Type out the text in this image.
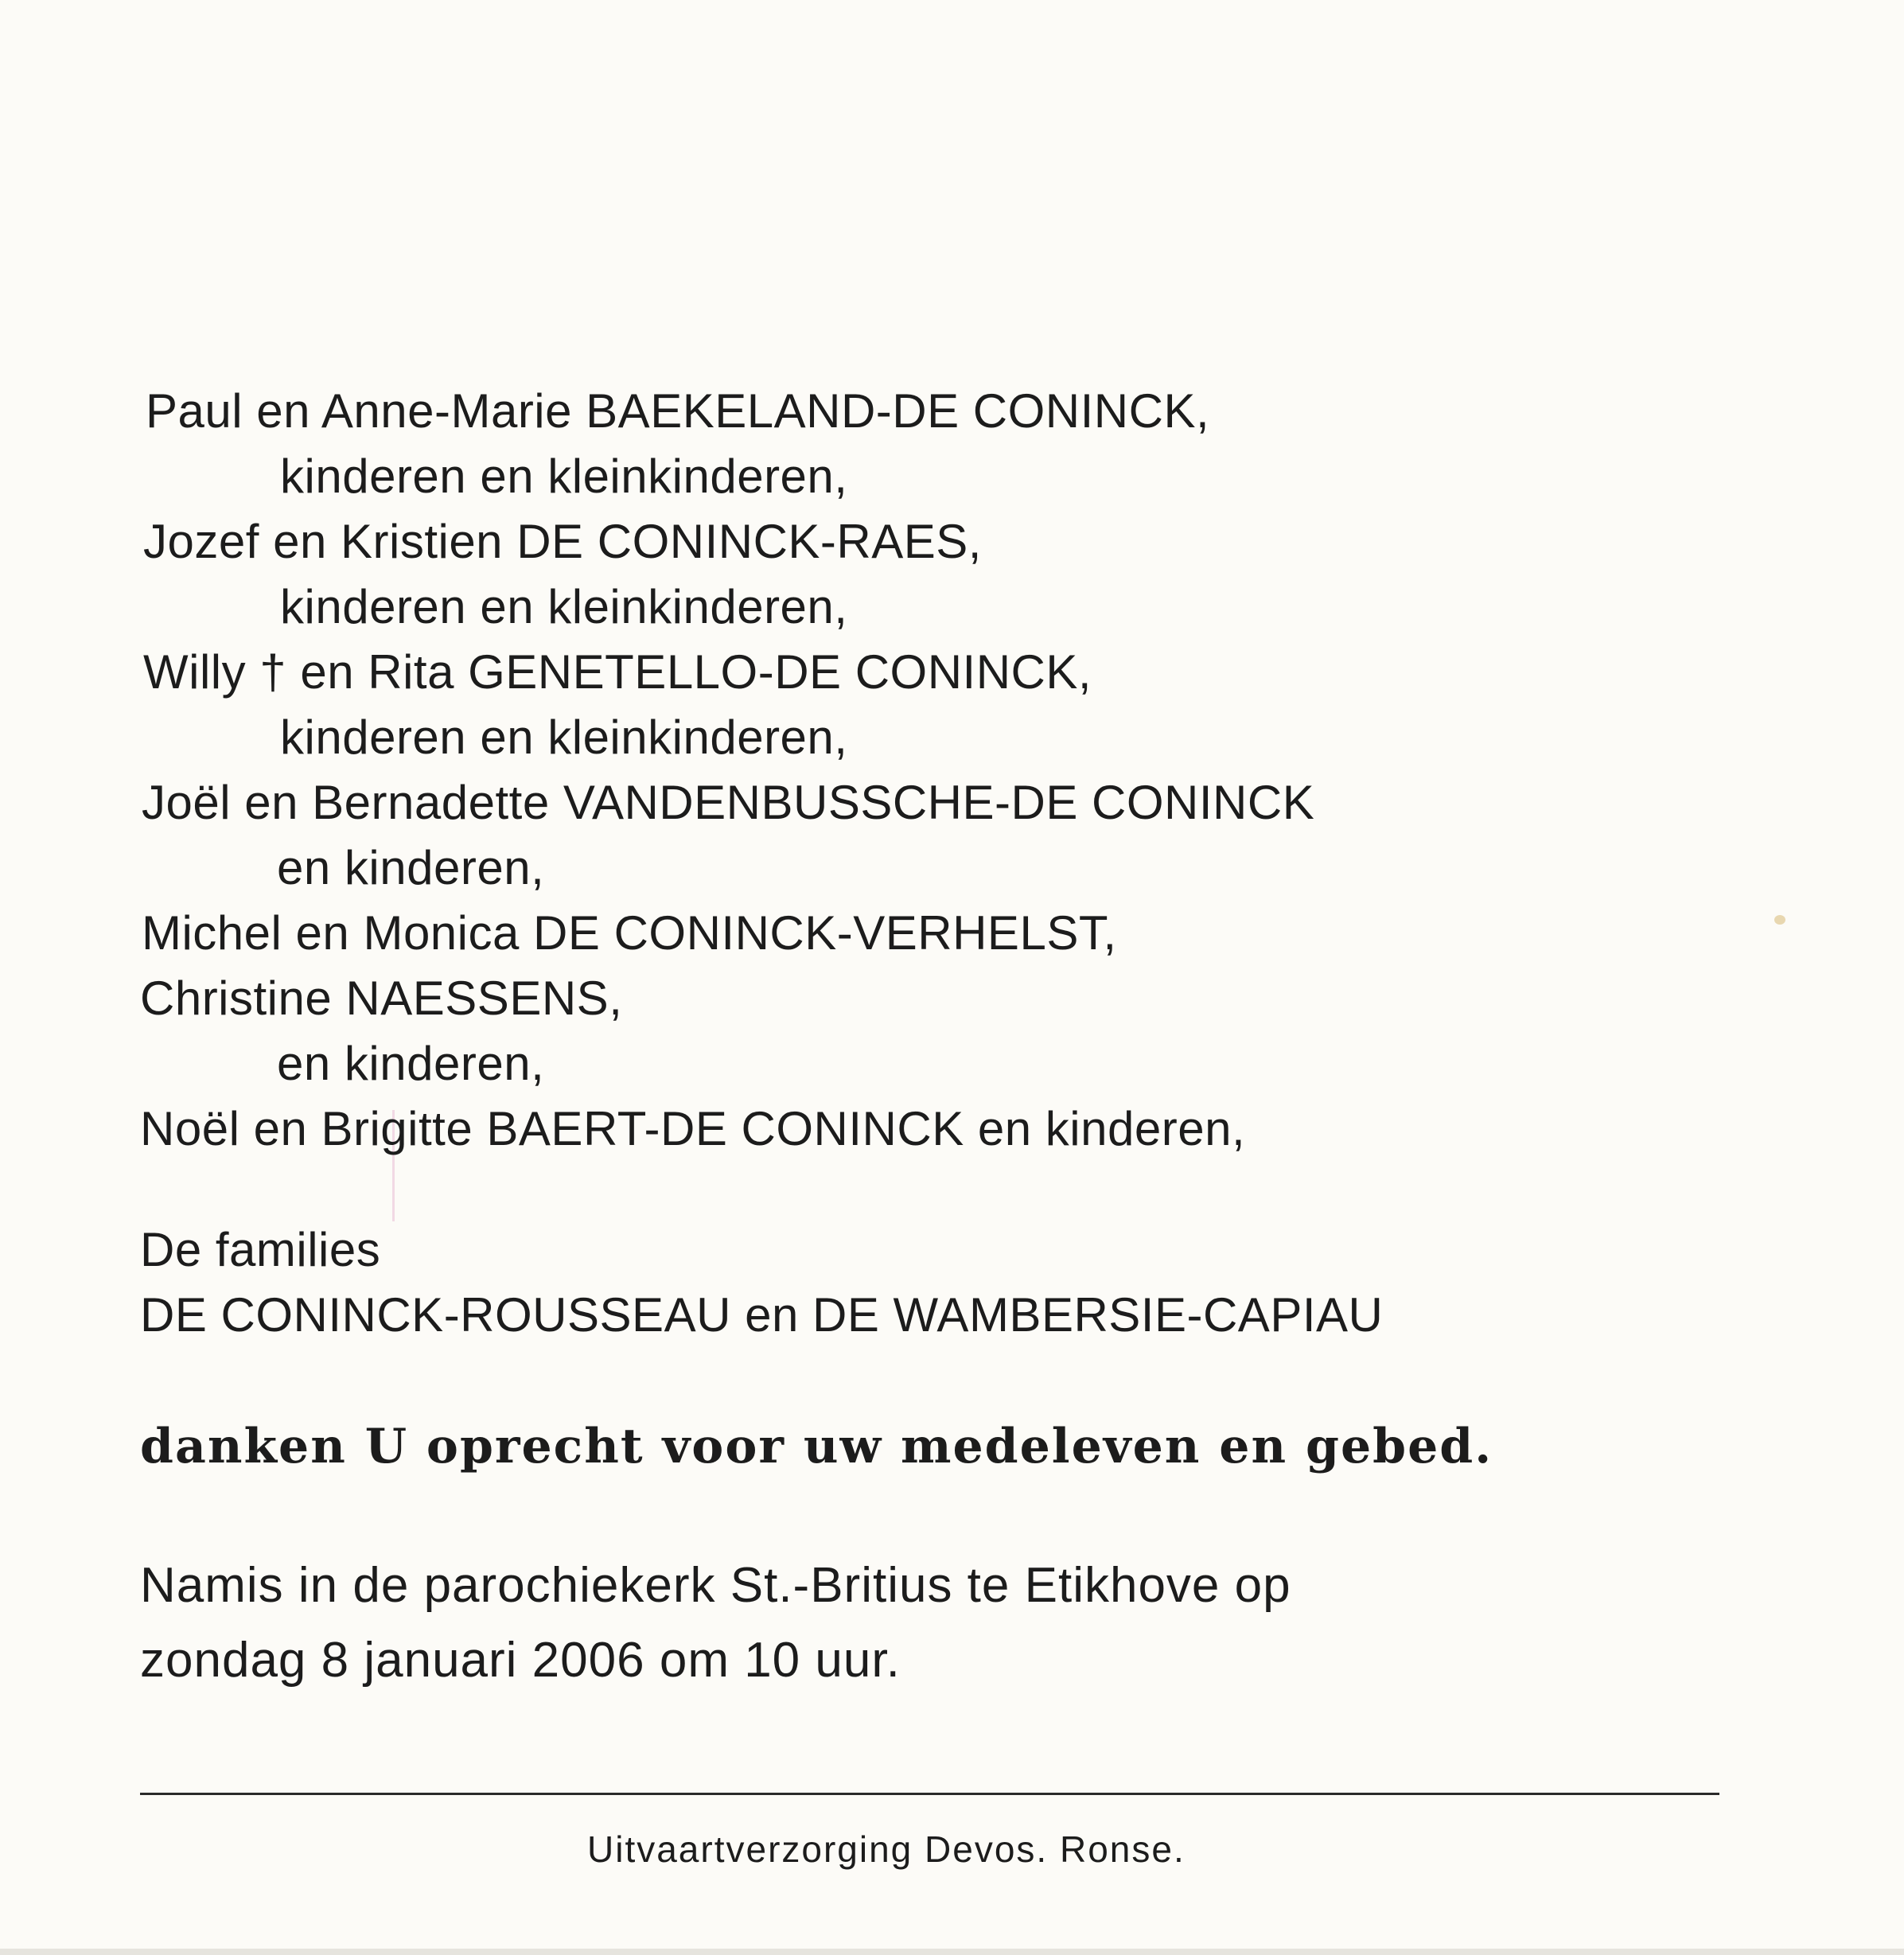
Paul en Anne-Marie BAEKELAND-DE CONINCK,
kinderen en kleinkinderen,
Jozef en Kristien DE CONINCK-RAES,
kinderen en kleinkinderen,
Willy † en Rita GENETELLO-DE CONINCK,
kinderen en kleinkinderen,
Joël en Bernadette VANDENBUSSCHE-DE CONINCK
en kinderen,
Michel en Monica DE CONINCK-VERHELST,
Christine NAESSENS,
en kinderen,
Noël en Brigitte BAERT-DE CONINCK en kinderen,
De families
DE CONINCK-ROUSSEAU en DE WAMBERSIE-CAPIAU
danken U oprecht voor uw medeleven en gebed.
Namis in de parochiekerk St.-Britius te Etikhove op
zondag 8 januari 2006 om 10 uur.
Uitvaartverzorging Devos. Ronse.
